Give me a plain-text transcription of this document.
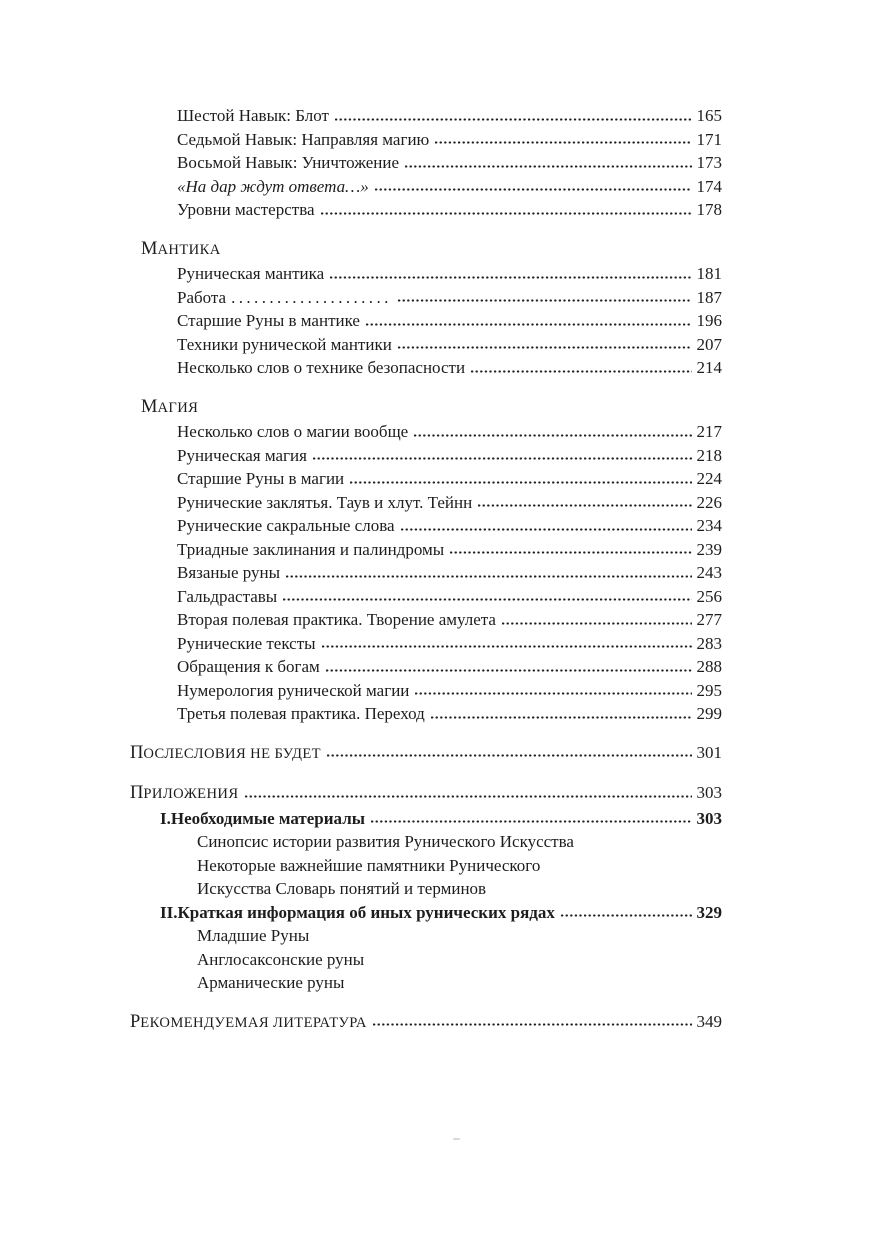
Шестой Навык: Блот	165
Седьмой Навык: Направляя магию	171
Восьмой Навык: Уничтожение	173
«На дар ждут ответа…»	174
Уровни мастерства	178
МАНТИКА
Руническая мантика	181
Работа .....................	187
Старшие Руны в мантике	196
Техники рунической мантики	207
Несколько слов о технике безопасности	214
МАГИЯ
Несколько слов о магии вообще	217
Руническая магия	218
Старшие Руны в магии	224
Рунические заклятья. Таув и хлут. Тейнн	226
Рунические сакральные слова	234
Триадные заклинания и палиндромы	239
Вязаные руны	243
Гальдраставы	256
Вторая полевая практика. Творение амулета	277
Рунические тексты	283
Обращения к богам	288
Нумерология рунической магии	295
Третья полевая практика. Переход	299
ПОСЛЕСЛОВИЯ НЕ БУДЕТ	301
ПРИЛОЖЕНИЯ	303
I.Необходимые материалы	303
Синопсис истории развития Рунического Искусства
Некоторые важнейшие памятники Рунического
Искусства Словарь понятий и терминов
II.Краткая информация об иных рунических рядах	329
Младшие Руны
Англосаксонские руны
Арманические руны
РЕКОМЕНДУЕМАЯ ЛИТЕРАТУРА	349
